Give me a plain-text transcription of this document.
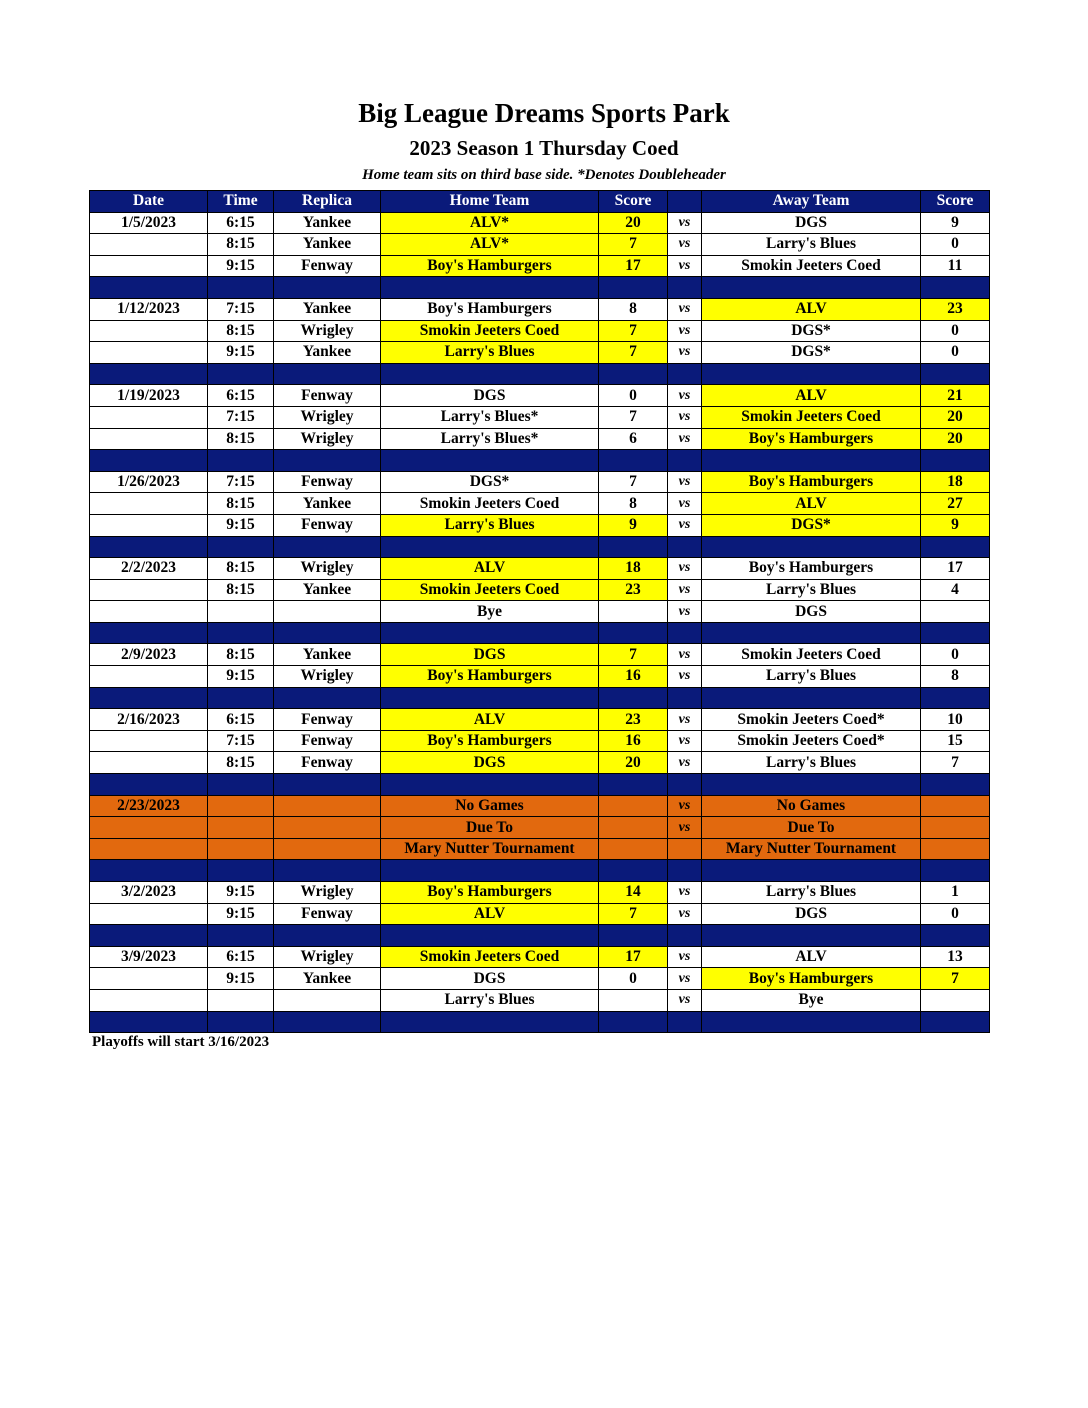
Big League Dreams Sports Park
2023 Season 1 Thursday Coed
Home team sits on third base side. *Denotes Doubleheader
Date	Time	Replica	Home Team	Score		Away Team	Score
1/5/2023	6:15	Yankee	ALV*	20	vs	DGS	9
	8:15	Yankee	ALV*	7	vs	Larry's Blues	0
	9:15	Fenway	Boy's Hamburgers	17	vs	Smokin Jeeters Coed	11

1/12/2023	7:15	Yankee	Boy's Hamburgers	8	vs	ALV	23
	8:15	Wrigley	Smokin Jeeters Coed	7	vs	DGS*	0
	9:15	Yankee	Larry's Blues	7	vs	DGS*	0

1/19/2023	6:15	Fenway	DGS	0	vs	ALV	21
	7:15	Wrigley	Larry's Blues*	7	vs	Smokin Jeeters Coed	20
	8:15	Wrigley	Larry's Blues*	6	vs	Boy's Hamburgers	20

1/26/2023	7:15	Fenway	DGS*	7	vs	Boy's Hamburgers	18
	8:15	Yankee	Smokin Jeeters Coed	8	vs	ALV	27
	9:15	Fenway	Larry's Blues	9	vs	DGS*	9

2/2/2023	8:15	Wrigley	ALV	18	vs	Boy's Hamburgers	17
	8:15	Yankee	Smokin Jeeters Coed	23	vs	Larry's Blues	4
			Bye		vs	DGS	

2/9/2023	8:15	Yankee	DGS	7	vs	Smokin Jeeters Coed	0
	9:15	Wrigley	Boy's Hamburgers	16	vs	Larry's Blues	8

2/16/2023	6:15	Fenway	ALV	23	vs	Smokin Jeeters Coed*	10
	7:15	Fenway	Boy's Hamburgers	16	vs	Smokin Jeeters Coed*	15
	8:15	Fenway	DGS	20	vs	Larry's Blues	7

2/23/2023			No Games		vs	No Games	
			Due To		vs	Due To	
			Mary Nutter Tournament			Mary Nutter Tournament	

3/2/2023	9:15	Wrigley	Boy's Hamburgers	14	vs	Larry's Blues	1
	9:15	Fenway	ALV	7	vs	DGS	0

3/9/2023	6:15	Wrigley	Smokin Jeeters Coed	17	vs	ALV	13
	9:15	Yankee	DGS	0	vs	Boy's Hamburgers	7
			Larry's Blues		vs	Bye	

Playoffs will start 3/16/2023
